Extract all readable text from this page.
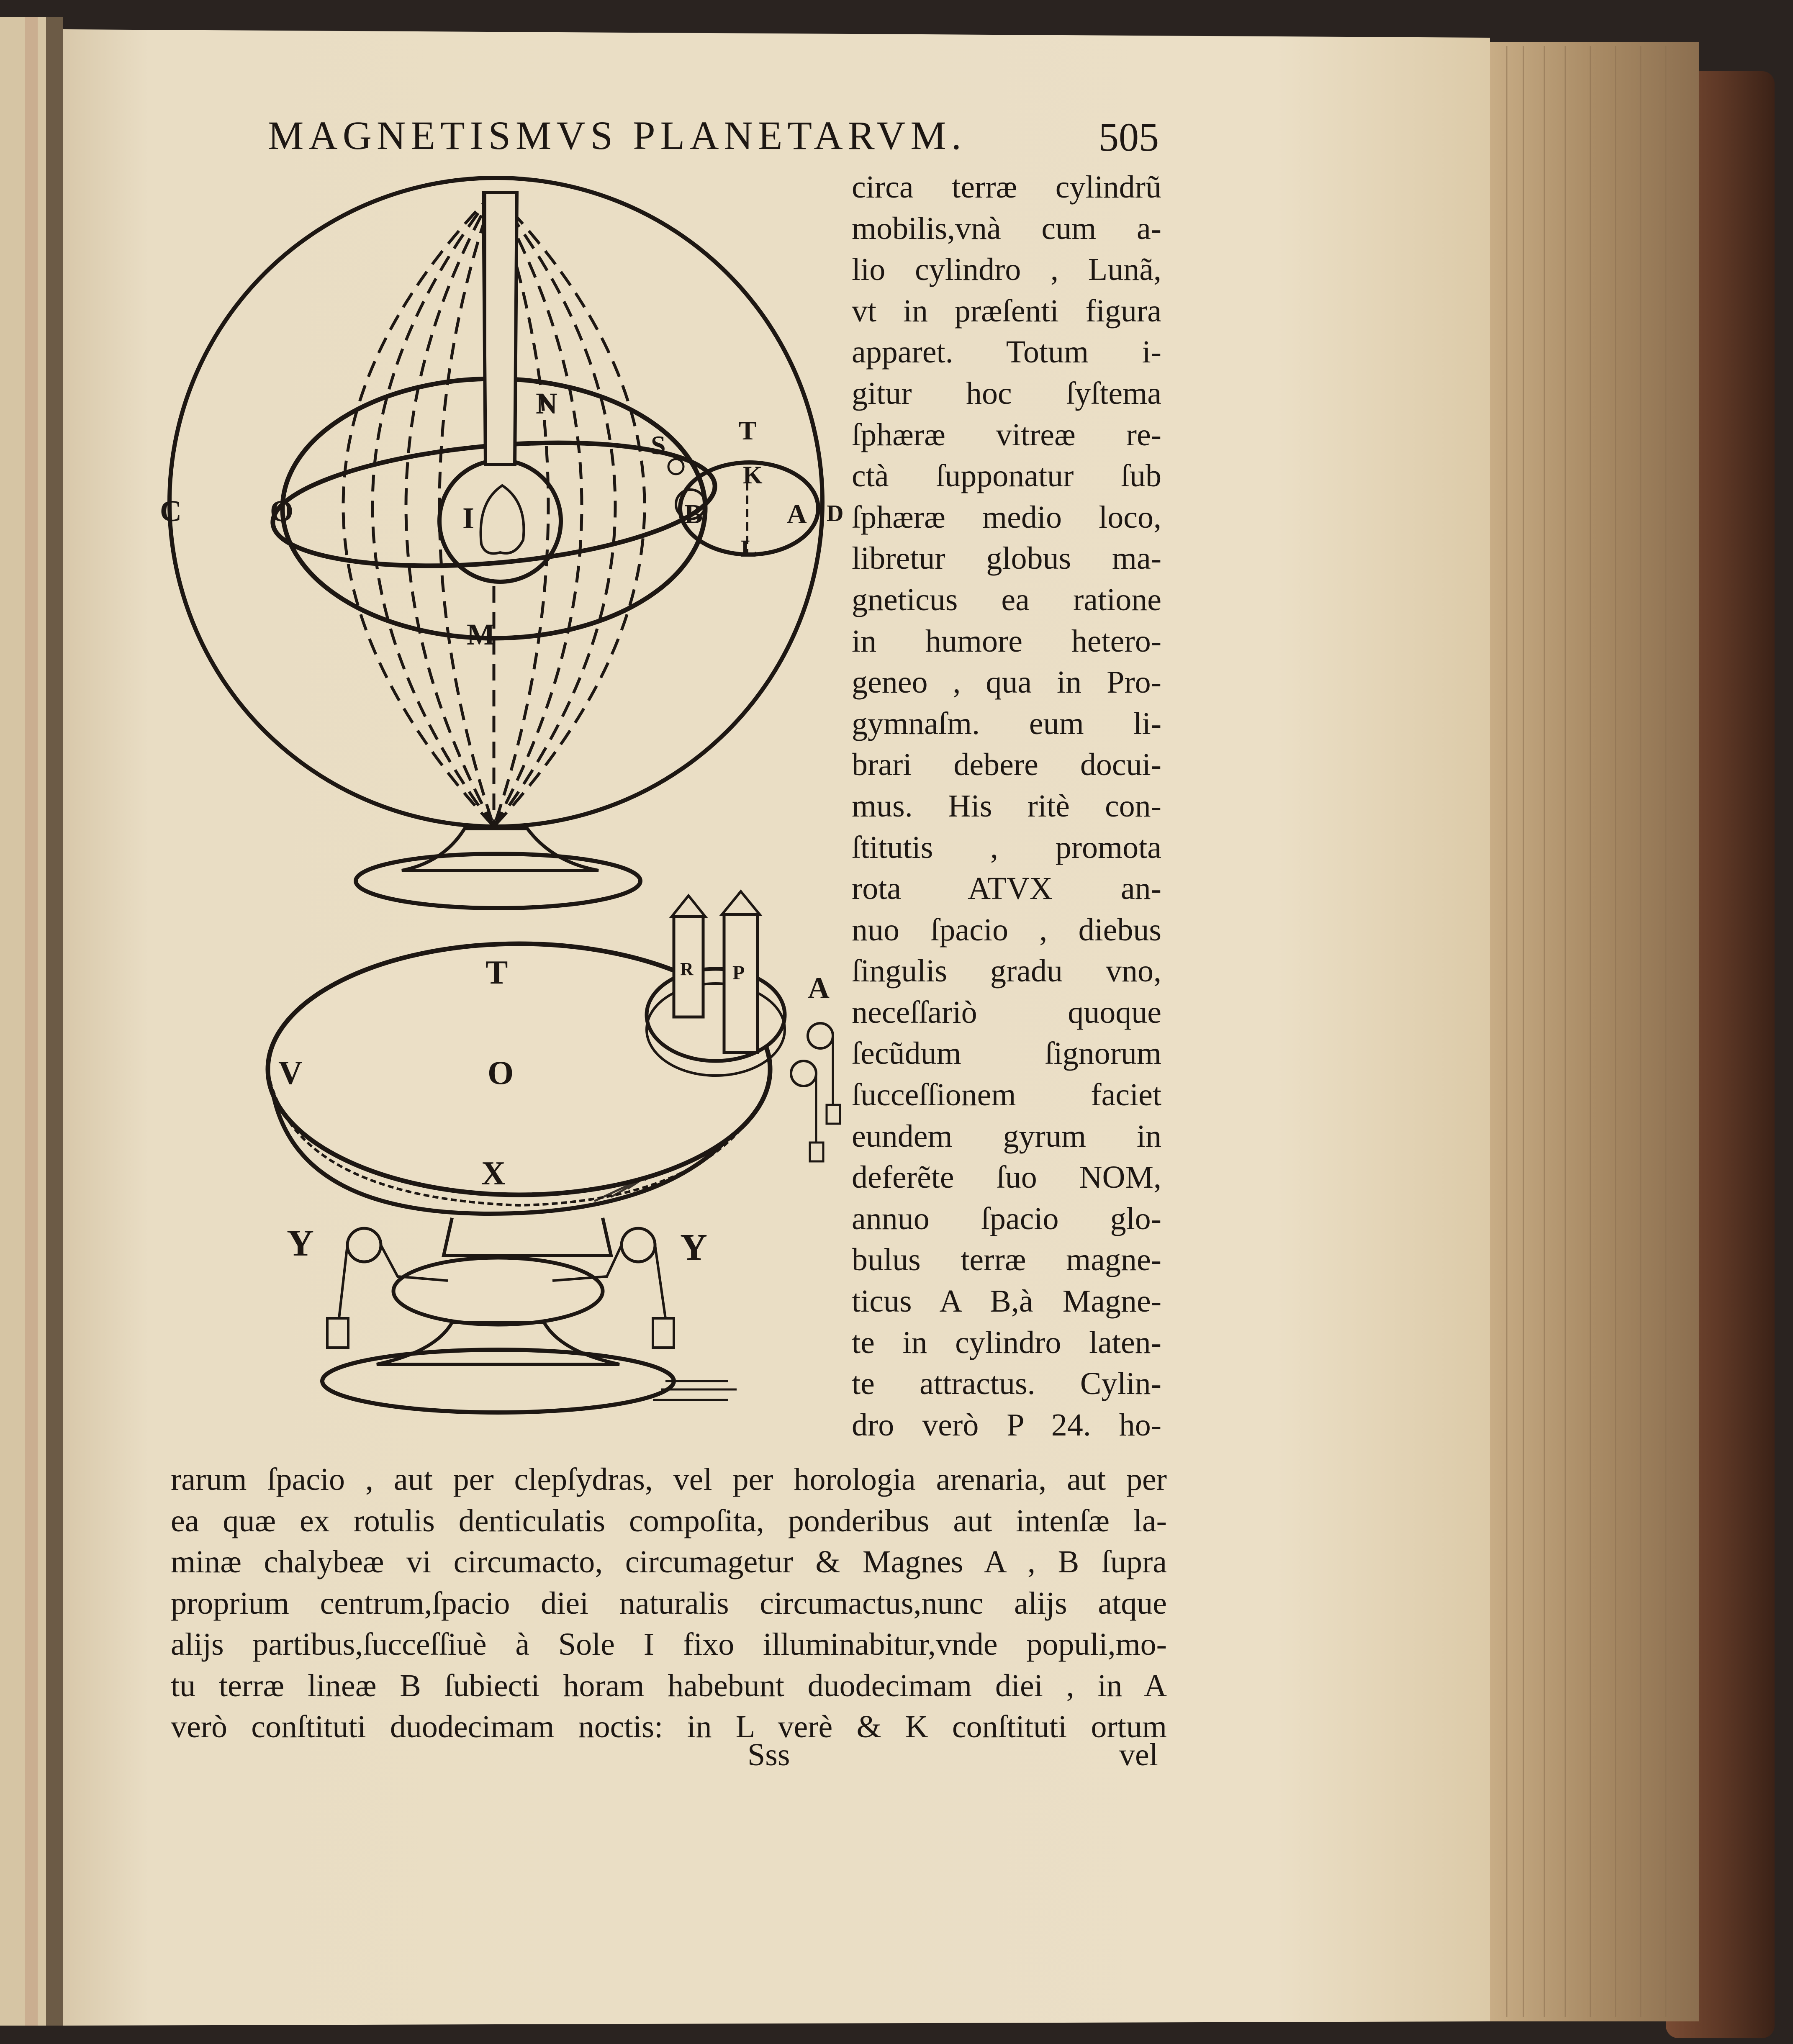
MAGNETISMVS PLANETARVM.	505
N
S	T
K
C	O	I	B	A D
L
M
T	R P A
V	O
X
Y	Y
circa terræ cylindrũ
mobilis,vnà cum a-
lio cylindro , Lunã,
vt in præſenti figura
apparet. Totum i-
gitur hoc ſyſtema
ſphæræ vitreæ re-
ctà ſupponatur ſub
ſphæræ medio loco,
libretur globus ma-
gneticus ea ratione
in humore hetero-
geneo , qua in Pro-
gymnaſm. eum li-
brari debere docui-
mus. His ritè con-
ſtitutis , promota
rota ATVX an-
nuo ſpacio , diebus
ſingulis gradu vno,
neceſſariò quoque
ſecũdum ſignorum
ſucceſſionem faciet
eundem gyrum in
deferẽte ſuo NOM,
annuo ſpacio glo-
bulus terræ magne-
ticus A B,à Magne-
te in cylindro laten-
te attractus. Cylin-
dro verò P 24. ho-
rarum ſpacio , aut per clepſydras, vel per horologia arenaria, aut per
ea quæ ex rotulis denticulatis compoſita, ponderibus aut intenſæ la-
minæ chalybeæ vi circumacto, circumagetur & Magnes A , B ſupra
proprium centrum,ſpacio diei naturalis circumactus,nunc alijs atque
alijs partibus,ſucceſſiuè à Sole I fixo illuminabitur,vnde populi,mo-
tu terræ lineæ B ſubiecti horam habebunt duodecimam diei , in A
verò conſtituti duodecimam noctis: in L verè & K conſtituti ortum
Sss	vel
